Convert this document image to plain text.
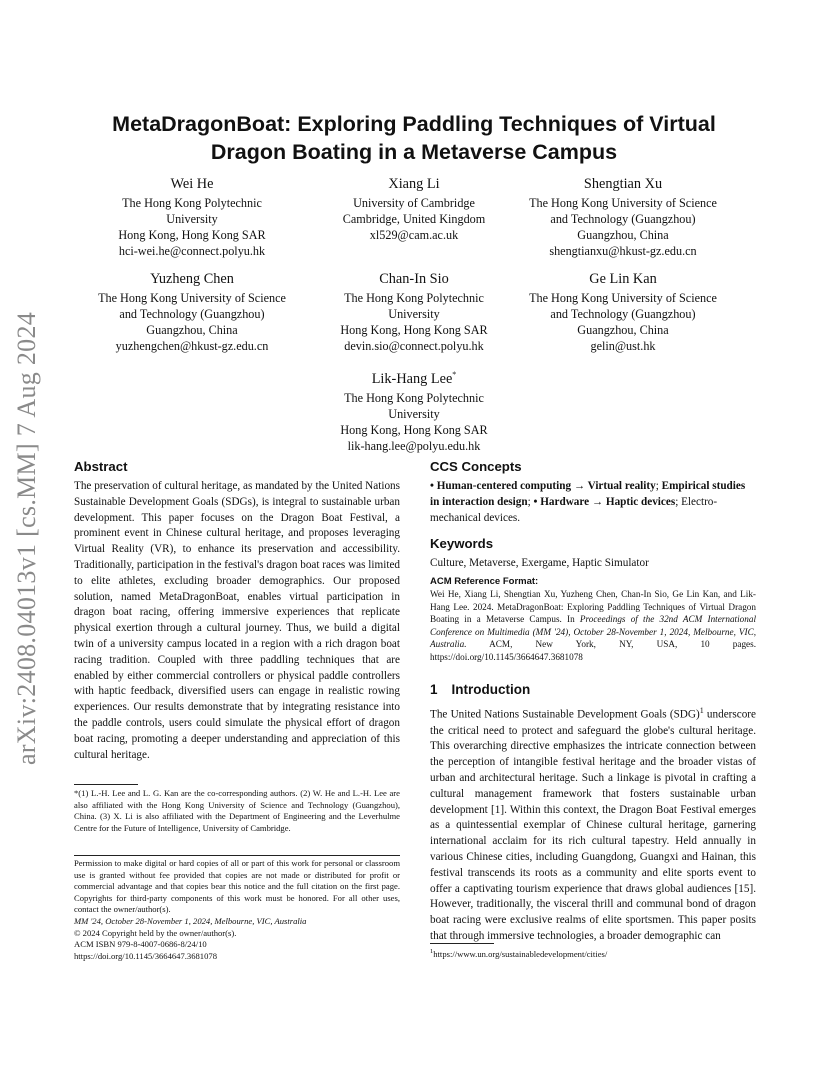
arXiv:2408.04013v1 [cs.MM] 7 Aug 2024
MetaDragonBoat: Exploring Paddling Techniques of Virtual
Dragon Boating in a Metaverse Campus
Wei He
The Hong Kong Polytechnic
University
Hong Kong, Hong Kong SAR
hci-wei.he@connect.polyu.hk
Xiang Li
University of Cambridge
Cambridge, United Kingdom
xl529@cam.ac.uk
Shengtian Xu
The Hong Kong University of Science
and Technology (Guangzhou)
Guangzhou, China
shengtianxu@hkust-gz.edu.cn
Yuzheng Chen
The Hong Kong University of Science
and Technology (Guangzhou)
Guangzhou, China
yuzhengchen@hkust-gz.edu.cn
Chan-In Sio
The Hong Kong Polytechnic
University
Hong Kong, Hong Kong SAR
devin.sio@connect.polyu.hk
Ge Lin Kan
The Hong Kong University of Science
and Technology (Guangzhou)
Guangzhou, China
gelin@ust.hk
Lik-Hang Lee*
The Hong Kong Polytechnic
University
Hong Kong, Hong Kong SAR
lik-hang.lee@polyu.edu.hk
Abstract
The preservation of cultural heritage, as mandated by the United Nations Sustainable Development Goals (SDGs), is integral to sustainable urban development. This paper focuses on the Dragon Boat Festival, a prominent event in Chinese cultural heritage, and proposes leveraging Virtual Reality (VR), to enhance its preservation and accessibility. Traditionally, participation in the festival's dragon boat races was limited to elite athletes, excluding broader demographics. Our proposed solution, named MetaDragonBoat, enables virtual participation in dragon boat racing, offering immersive experiences that replicate physical exertion through a cultural journey. Thus, we build a digital twin of a university campus located in a region with a rich dragon boat racing tradition. Coupled with three paddling techniques that are enabled by either commercial controllers or physical paddle controllers with haptic feedback, diversified users can engage in realistic rowing experiences. Our results demonstrate that by integrating resistance into the paddle controls, users could simulate the physical effort of dragon boat racing, promoting a deeper understanding and appreciation of this cultural heritage.
*(1) L.-H. Lee and L. G. Kan are the co-corresponding authors. (2) W. He and L.-H. Lee are also affiliated with the Hong Kong University of Science and Technology (Guangzhou), China. (3) X. Li is also affiliated with the Department of Engineering and the Leverhulme Centre for the Future of Intelligence, University of Cambridge.
Permission to make digital or hard copies of all or part of this work for personal or classroom use is granted without fee provided that copies are not made or distributed for profit or commercial advantage and that copies bear this notice and the full citation on the first page. Copyrights for third-party components of this work must be honored. For all other uses, contact the owner/author(s).
MM '24, October 28-November 1, 2024, Melbourne, VIC, Australia
© 2024 Copyright held by the owner/author(s).
ACM ISBN 979-8-4007-0686-8/24/10
https://doi.org/10.1145/3664647.3681078
CCS Concepts
• Human-centered computing → Virtual reality; Empirical studies in interaction design; • Hardware → Haptic devices; Electro-mechanical devices.
Keywords
Culture, Metaverse, Exergame, Haptic Simulator
ACM Reference Format:
Wei He, Xiang Li, Shengtian Xu, Yuzheng Chen, Chan-In Sio, Ge Lin Kan, and Lik-Hang Lee. 2024. MetaDragonBoat: Exploring Paddling Techniques of Virtual Dragon Boating in a Metaverse Campus. In Proceedings of the 32nd ACM International Conference on Multimedia (MM '24), October 28-November 1, 2024, Melbourne, VIC, Australia. ACM, New York, NY, USA, 10 pages. https://doi.org/10.1145/3664647.3681078
1 Introduction
The United Nations Sustainable Development Goals (SDG)$^1$ underscore the critical need to protect and safeguard the globe's cultural heritage. This overarching directive emphasizes the intricate connection between the perception of intangible festival heritage and the broader vistas of urban and architectural heritage. Such a linkage is pivotal in crafting a cultural management framework that fosters sustainable urban development [1]. Within this context, the Dragon Boat Festival emerges as a quintessential exemplar of Chinese cultural heritage, garnering international acclaim for its rich cultural tapestry. Held annually in various Chinese cities, including Guangdong, Guangxi and Hainan, this festival transcends its roots as a community and elite sports event to offer a captivating tourism experience that draws global audiences [15]. However, traditionally, the visceral thrill and communal bond of dragon boat racing were exclusive realms of elite sportsmen. This paper posits that through immersive technologies, a broader demographic can
$^1$https://www.un.org/sustainabledevelopment/cities/
